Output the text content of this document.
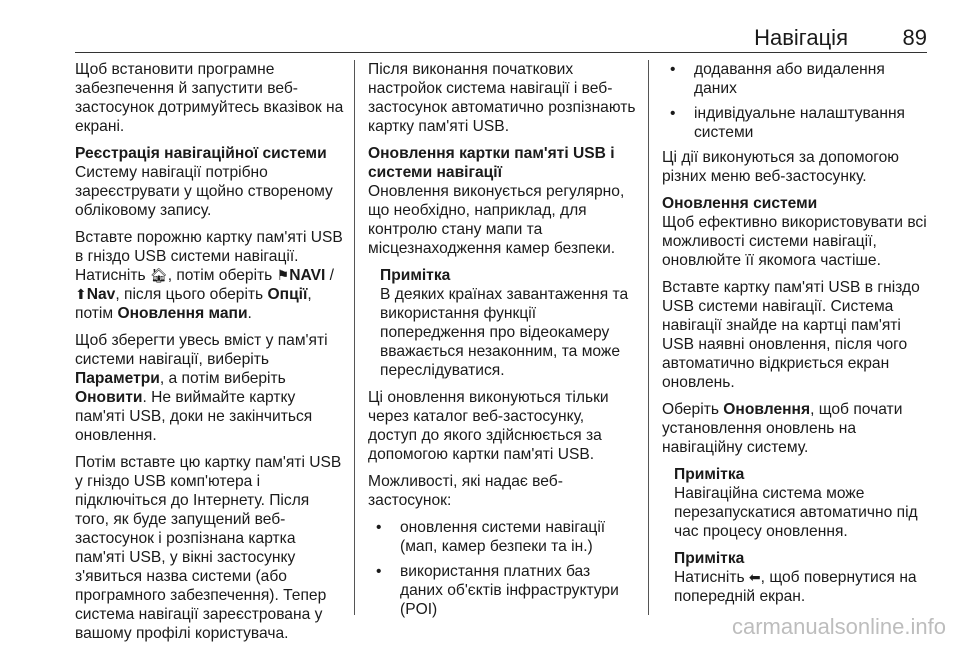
Навігація 89

Щоб встановити програмне забезпечення й запустити веб-застосунок дотримуйтесь вказівок на екрані.

Реєстрація навігаційної системи

Систему навігації потрібно зареєструвати у щойно створеному обліковому запису.

Вставте порожню картку пам'яті USB в гніздо USB системи навігації. Натисніть 🏠︎, потім оберіть ⚑NAVI / ⬆︎Nav, після цього оберіть Опції, потім Оновлення мапи.

Щоб зберегти увесь вміст у пам'яті системи навігації, виберіть Параметри, а потім виберіть Оновити. Не виймайте картку пам'яті USB, доки не закінчиться оновлення.

Потім вставте цю картку пам'яті USB у гніздо USB комп'ютера і підключіться до Інтернету. Після того, як буде запущений веб-застосунок і розпізнана картка пам'яті USB, у вікні застосунку з'явиться назва системи (або програмного забезпечення). Тепер система навігації зареєстрована у вашому профілі користувача.

Після виконання початкових настройок система навігації і веб-застосунок автоматично розпізнають картку пам'яті USB.

Оновлення картки пам'яті USB і системи навігації

Оновлення виконується регулярно, що необхідно, наприклад, для контролю стану мапи та місцезнаходження камер безпеки.

Примітка
В деяких країнах завантаження та використання функції попередження про відеокамеру вважається незаконним, та може переслідуватися.

Ці оновлення виконуються тільки через каталог веб-застосунку, доступ до якого здійснюється за допомогою картки пам'яті USB.

Можливості, які надає веб-застосунок:

• оновлення системи навігації (мап, камер безпеки та ін.)
• використання платних баз даних об'єктів інфраструктури (POI)
• додавання або видалення даних
• індивідуальне налаштування системи

Ці дії виконуються за допомогою різних меню веб-застосунку.

Оновлення системи

Щоб ефективно використовувати всі можливості системи навігації, оновлюйте її якомога частіше.

Вставте картку пам'яті USB в гніздо USB системи навігації. Система навігації знайде на картці пам'яті USB наявні оновлення, після чого автоматично відкриється екран оновлень.

Оберіть Оновлення, щоб почати установлення оновлень на навігаційну систему.

Примітка
Навігаційна система може перезапускатися автоматично під час процесу оновлення.
Примітка
Натисніть ⬅︎, щоб повернутися на попередній екран.
carmanualsonline.info
